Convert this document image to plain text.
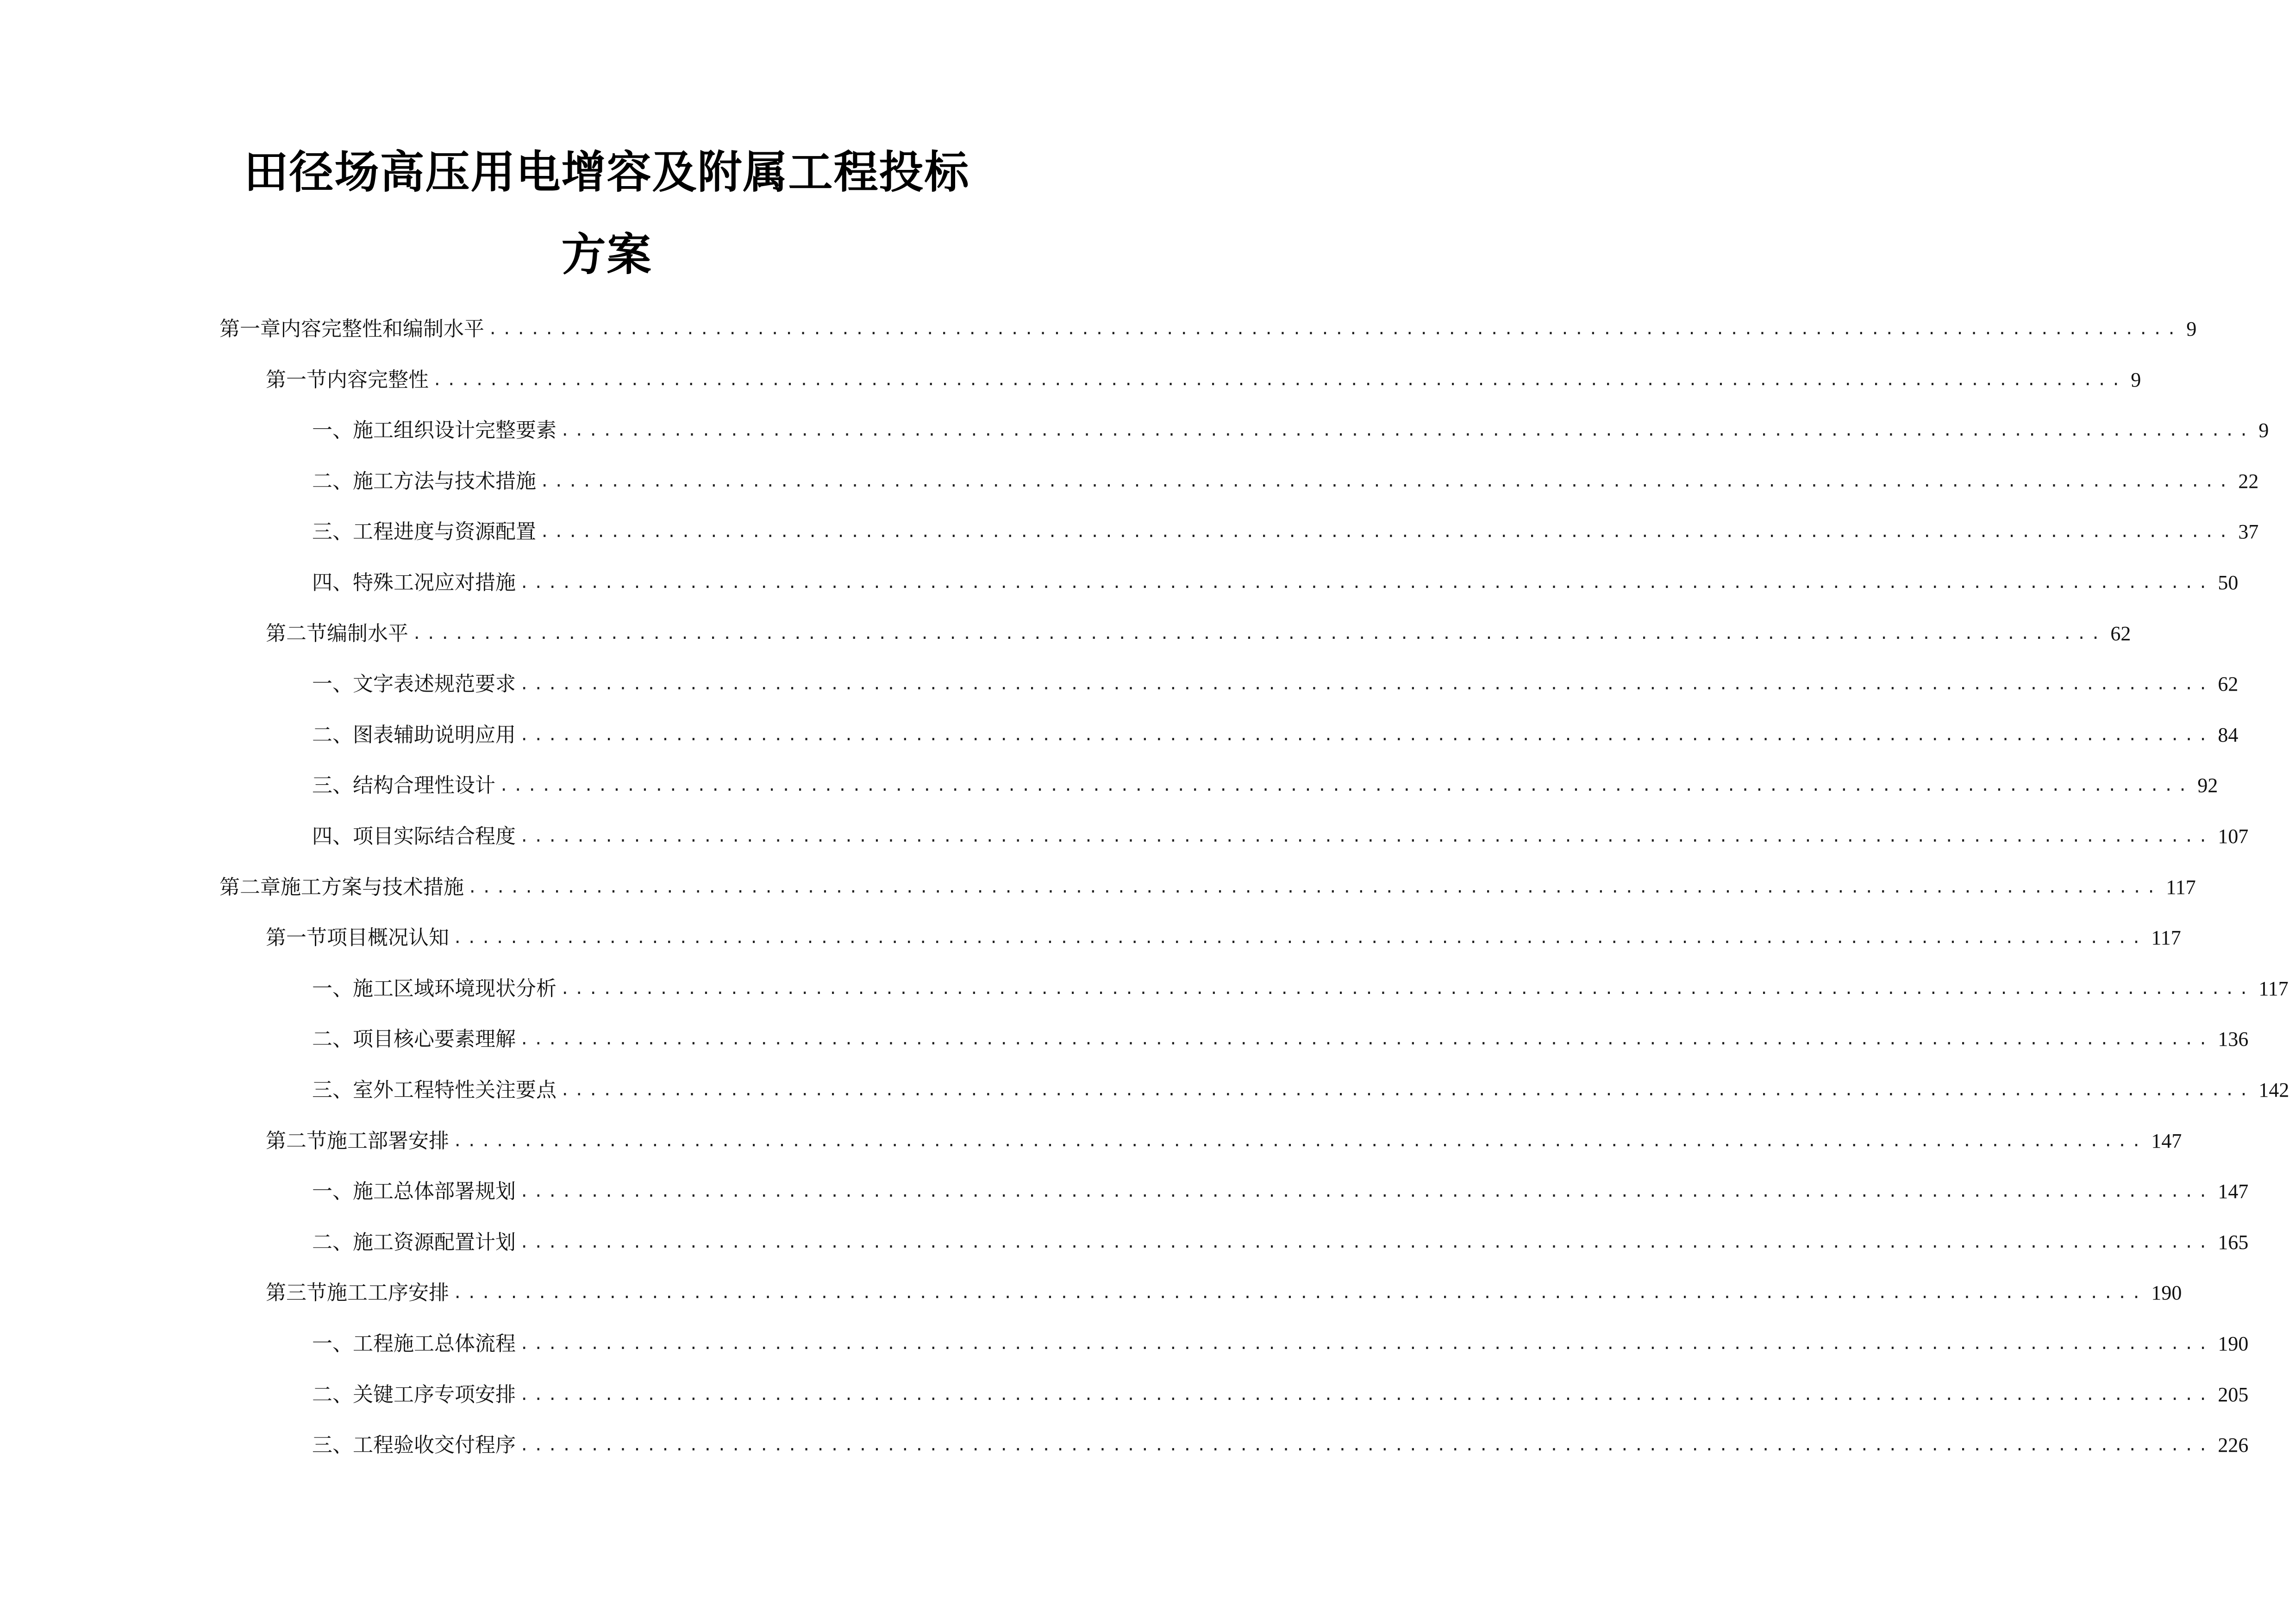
田径场高压用电增容及附属工程投标
方案
第一章 内容完整性和编制水平 ........................................................................................................................ 9
第一节 内容完整性 ........................................................................................................................ 9
一、 施工组织设计完整要素 ........................................................................................................................ 9
二、 施工方法与技术措施 ........................................................................................................................ 22
三、 工程进度与资源配置 ........................................................................................................................ 37
四、 特殊工况应对措施 ........................................................................................................................ 50
第二节 编制水平 ........................................................................................................................ 62
一、 文字表述规范要求 ........................................................................................................................ 62
二、 图表辅助说明应用 ........................................................................................................................ 84
三、 结构合理性设计 ........................................................................................................................ 92
四、 项目实际结合程度 ........................................................................................................................ 107
第二章 施工方案与技术措施 ........................................................................................................................ 117
第一节 项目概况认知 ........................................................................................................................ 117
一、 施工区域环境现状分析 ........................................................................................................................ 117
二、 项目核心要素理解 ........................................................................................................................ 136
三、 室外工程特性关注要点 ........................................................................................................................ 142
第二节 施工部署安排 ........................................................................................................................ 147
一、 施工总体部署规划 ........................................................................................................................ 147
二、 施工资源配置计划 ........................................................................................................................ 165
第三节 施工工序安排 ........................................................................................................................ 190
一、 工程施工总体流程 ........................................................................................................................ 190
二、 关键工序专项安排 ........................................................................................................................ 205
三、 工程验收交付程序 ........................................................................................................................ 226
